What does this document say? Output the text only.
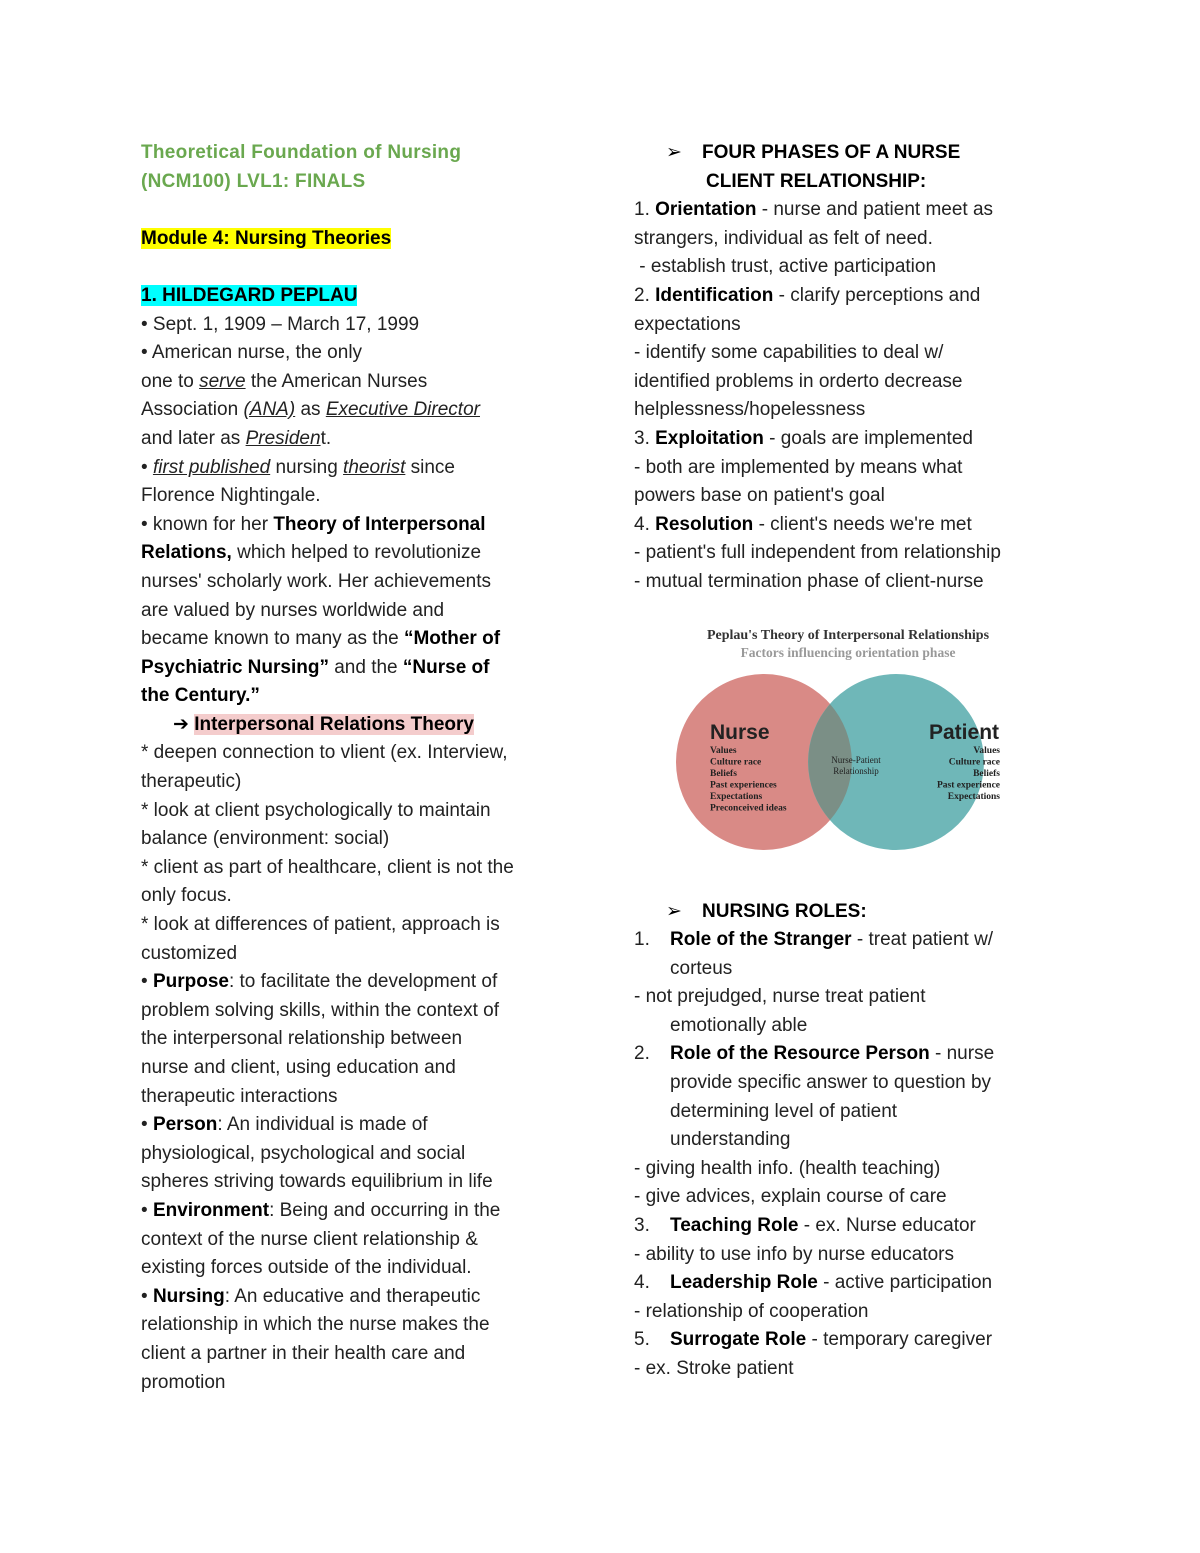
Theoretical Foundation of Nursing
(NCM100) LVL1: FINALS
Module 4: Nursing Theories
1. HILDEGARD PEPLAU
• Sept. 1, 1909 – March 17, 1999
• American nurse, the only
one to serve the American Nurses
Association (ANA) as Executive Director
and later as President.
• first published nursing theorist since
Florence Nightingale.
• known for her Theory of Interpersonal
Relations, which helped to revolutionize
nurses' scholarly work. Her achievements
are valued by nurses worldwide and
became known to many as the “Mother of
Psychiatric Nursing” and the “Nurse of
the Century.”
➔ Interpersonal Relations Theory
* deepen connection to vlient (ex. Interview,
therapeutic)
* look at client psychologically to maintain
balance (environment: social)
* client as part of healthcare, client is not the
only focus.
* look at differences of patient, approach is
customized
• Purpose: to facilitate the development of
problem solving skills, within the context of
the interpersonal relationship between
nurse and client, using education and
therapeutic interactions
• Person: An individual is made of
physiological, psychological and social
spheres striving towards equilibrium in life
• Environment: Being and occurring in the
context of the nurse client relationship &
existing forces outside of the individual.
• Nursing: An educative and therapeutic
relationship in which the nurse makes the
client a partner in their health care and
promotion
➢ FOUR PHASES OF A NURSE
CLIENT RELATIONSHIP:
1. Orientation - nurse and patient meet as
strangers, individual as felt of need.
- establish trust, active participation
2. Identification - clarify perceptions and
expectations
- identify some capabilities to deal w/
identified problems in orderto decrease
helplessness/hopelessness
3. Exploitation - goals are implemented
- both are implemented by means what
powers base on patient's goal
4. Resolution - client's needs we're met
- patient's full independent from relationship
- mutual termination phase of client-nurse
Peplau's Theory of Interpersonal Relationships
Factors influencing orientation phase
Nurse
Values
Culture race
Beliefs
Past experiences
Expectations
Preconceived ideas
Patient
Values
Culture race
Beliefs
Past experience
Expectations
Nurse-Patient
Relationship
➢ NURSING ROLES:
1. Role of the Stranger - treat patient w/
corteus
- not prejudged, nurse treat patient
emotionally able
2. Role of the Resource Person - nurse
provide specific answer to question by
determining level of patient
understanding
- giving health info. (health teaching)
- give advices, explain course of care
3. Teaching Role - ex. Nurse educator
- ability to use info by nurse educators
4. Leadership Role - active participation
- relationship of cooperation
5. Surrogate Role - temporary caregiver
- ex. Stroke patient
